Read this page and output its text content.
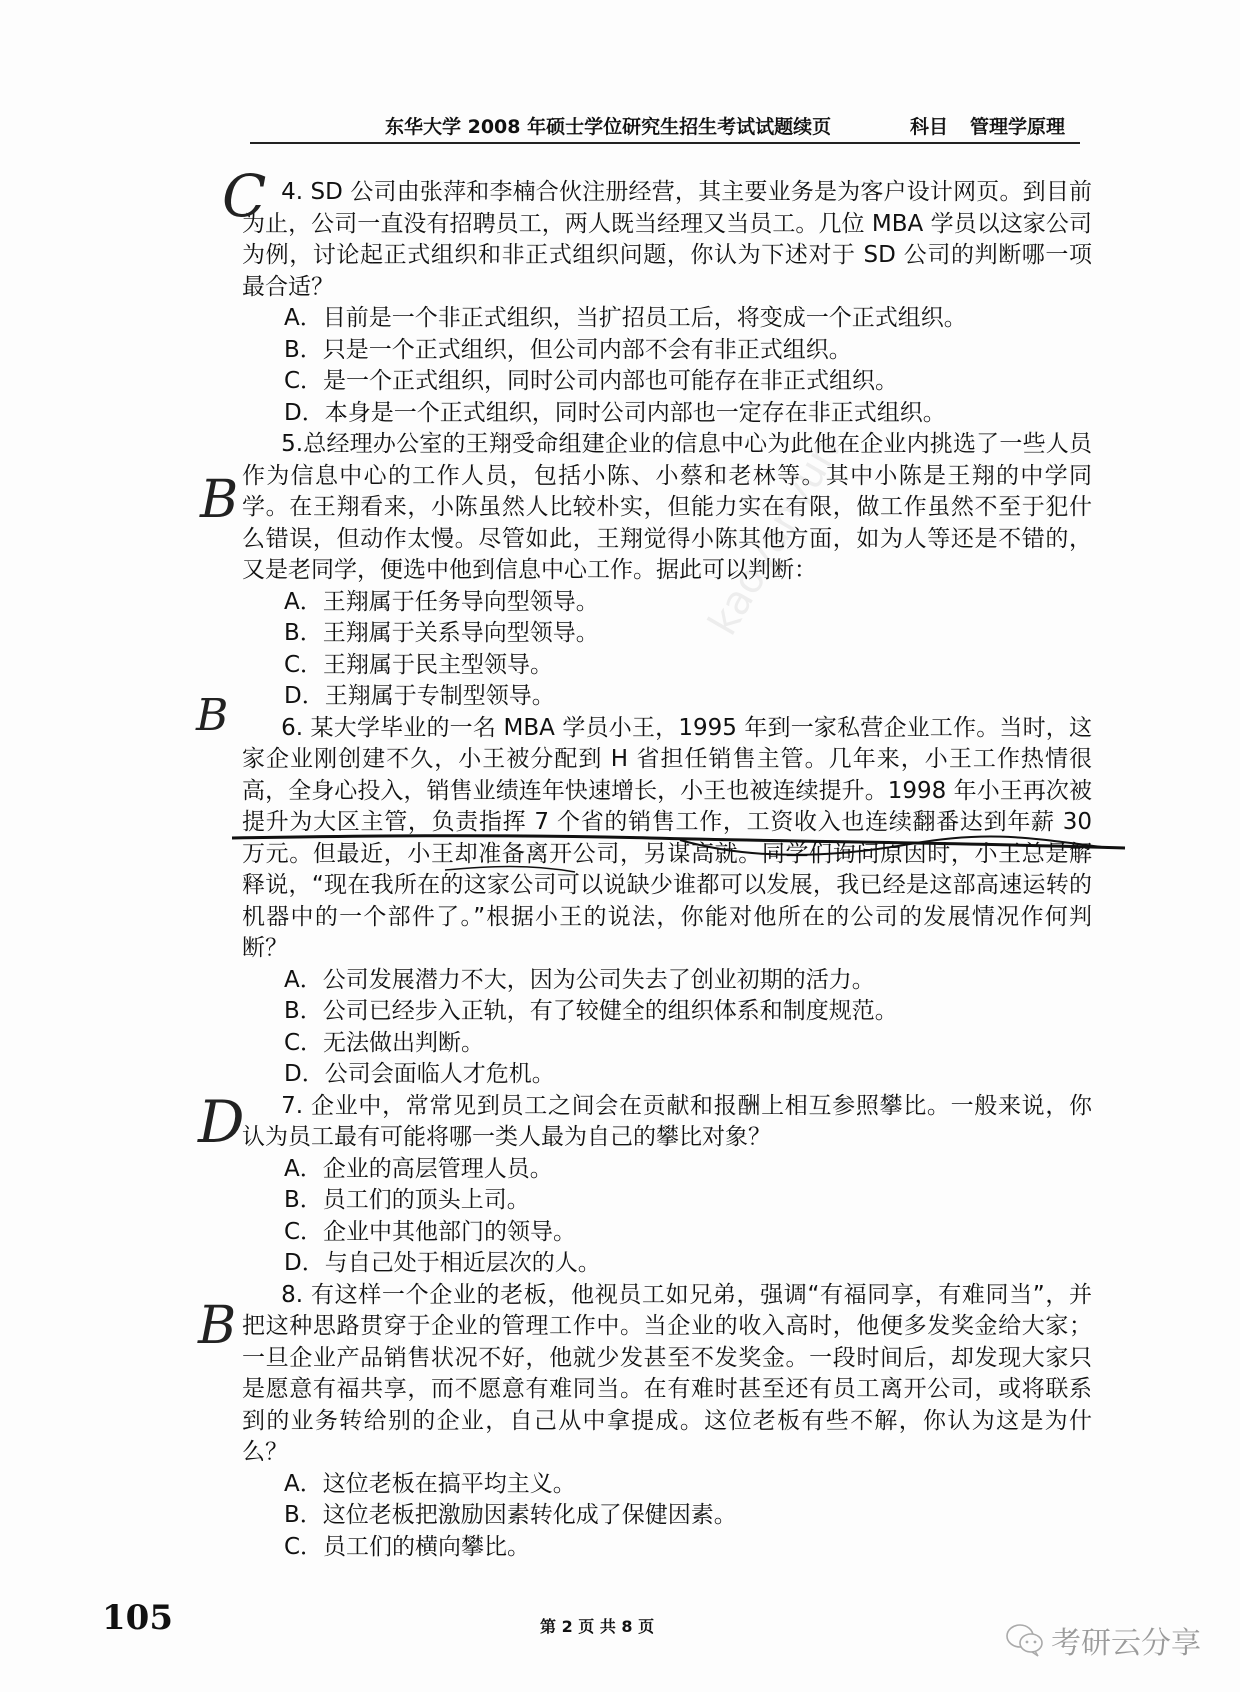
东华大学 2008 年硕士学位研究生招生考试试题续页	科目 管理学原理
kaoyanyun

4. SD 公司由张萍和李楠合伙注册经营，其主要业务是为客户设计网页。到目前为止，公司一直没有招聘员工，两人既当经理又当员工。几位 MBA 学员以这家公司为例，讨论起正式组织和非正式组织问题，你认为下述对于 SD 公司的判断哪一项最合适？

A．目前是一个非正式组织，当扩招员工后，将变成一个正式组织。
B．只是一个正式组织，但公司内部不会有非正式组织。
C．是一个正式组织，同时公司内部也可能存在非正式组织。
D．本身是一个正式组织，同时公司内部也一定存在非正式组织。

5.总经理办公室的王翔受命组建企业的信息中心为此他在企业内挑选了一些人员作为信息中心的工作人员，包括小陈、小蔡和老林等。其中小陈是王翔的中学同学。在王翔看来，小陈虽然人比较朴实，但能力实在有限，做工作虽然不至于犯什么错误，但动作太慢。尽管如此，王翔觉得小陈其他方面，如为人等还是不错的，又是老同学，便选中他到信息中心工作。据此可以判断：

A．王翔属于任务导向型领导。
B．王翔属于关系导向型领导。
C．王翔属于民主型领导。
D．王翔属于专制型领导。

6. 某大学毕业的一名 MBA 学员小王，1995 年到一家私营企业工作。当时，这家企业刚创建不久，小王被分配到 H 省担任销售主管。几年来，小王工作热情很高，全身心投入，销售业绩连年快速增长，小王也被连续提升。1998 年小王再次被提升为大区主管，负责指挥 7 个省的销售工作，工资收入也连续翻番达到年薪 30 万元。但最近，小王却准备离开公司，另谋高就。同学们询问原因时，小王总是解释说，“现在我所在的这家公司可以说缺少谁都可以发展，我已经是这部高速运转的机器中的一个部件了。”根据小王的说法，你能对他所在的公司的发展情况作何判断？

A．公司发展潜力不大，因为公司失去了创业初期的活力。
B．公司已经步入正轨，有了较健全的组织体系和制度规范。
C．无法做出判断。
D．公司会面临人才危机。

7. 企业中，常常见到员工之间会在贡献和报酬上相互参照攀比。一般来说，你认为员工最有可能将哪一类人最为自己的攀比对象？

A．企业的高层管理人员。
B．员工们的顶头上司。
C．企业中其他部门的领导。
D．与自己处于相近层次的人。

8. 有这样一个企业的老板，他视员工如兄弟，强调“有福同享，有难同当”，并把这种思路贯穿于企业的管理工作中。当企业的收入高时，他便多发奖金给大家；一旦企业产品销售状况不好，他就少发甚至不发奖金。一段时间后，却发现大家只是愿意有福共享，而不愿意有难同当。在有难时甚至还有员工离开公司，或将联系到的业务转给别的企业，自己从中拿提成。这位老板有些不解，你认为这是为什么？

A．这位老板在搞平均主义。
B．这位老板把激励因素转化成了保健因素。
C．员工们的横向攀比。
C
B
B
D
B
105	第 2 页 共 8 页	考研云分享
